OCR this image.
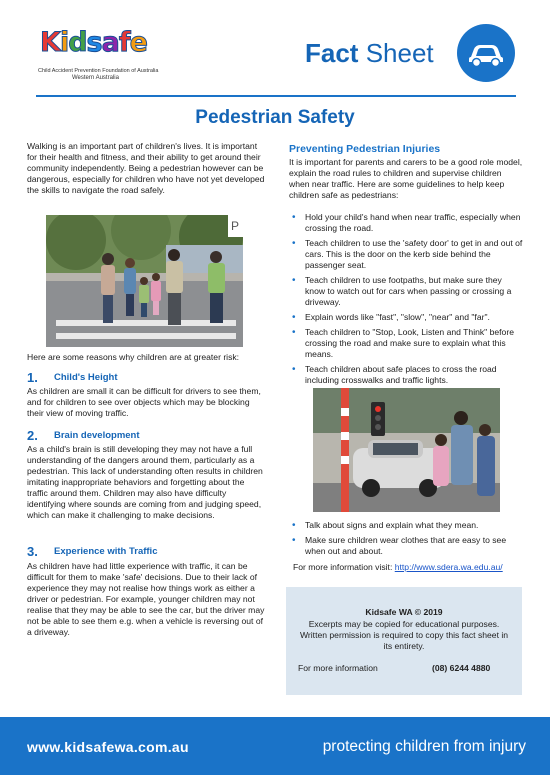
Kidsafe
Child Accident Prevention Foundation of Australia
Western Australia
Fact Sheet
Pedestrian Safety
Walking is an important part of children's lives. It is important for their health and fitness, and their ability to get around their community independently. Being a pedestrian however can be dangerous, especially for children who have not yet developed the skills to navigate the road safely.
P
Here are some reasons why children are at greater risk:
1. Child's Height
As children are small it can be difficult for drivers to see them, and for children to see over objects which may be blocking their view of moving traffic.
2. Brain development
As a child's brain is still developing they may not have a full understanding of the dangers around them, particularly as a pedestrian. This lack of understanding often results in children imitating inappropriate behaviors and forgetting about the traffic around them. Children may also have difficulty identifying where sounds are coming from and judging speed, which can make it challenging to make decisions.
3. Experience with Traffic
As children have had little experience with traffic, it can be difficult for them to make 'safe' decisions. Due to their lack of experience they may not realise how things work as either a driver or pedestrian. For example, younger children may not realise that they may be able to see the car, but the driver may not be able to see them e.g. when a vehicle is reversing out of a driveway.
Preventing Pedestrian Injuries
It is important for parents and carers to be a good role model, explain the road rules to children and supervise children when near traffic. Here are some guidelines to help keep children safe as pedestrians:
• Hold your child's hand when near traffic, especially when crossing the road.
• Teach children to use the 'safety door' to get in and out of cars. This is the door on the kerb side behind the passenger seat.
• Teach children to use footpaths, but make sure they know to watch out for cars when passing or crossing a driveway.
• Explain words like "fast", "slow", "near" and "far".
• Teach children to "Stop, Look, Listen and Think" before crossing the road and make sure to explain what this means.
• Teach children about safe places to cross the road including crosswalks and traffic lights.
• Talk about signs and explain what they mean.
• Make sure children wear clothes that are easy to see when out and about.
For more information visit: http://www.sdera.wa.edu.au/
Kidsafe WA © 2019
Excerpts may be copied for educational purposes. Written permission is required to copy this fact sheet in its entirety.
For more information	(08) 6244 4880
www.kidsafewa.com.au	protecting children from injury
